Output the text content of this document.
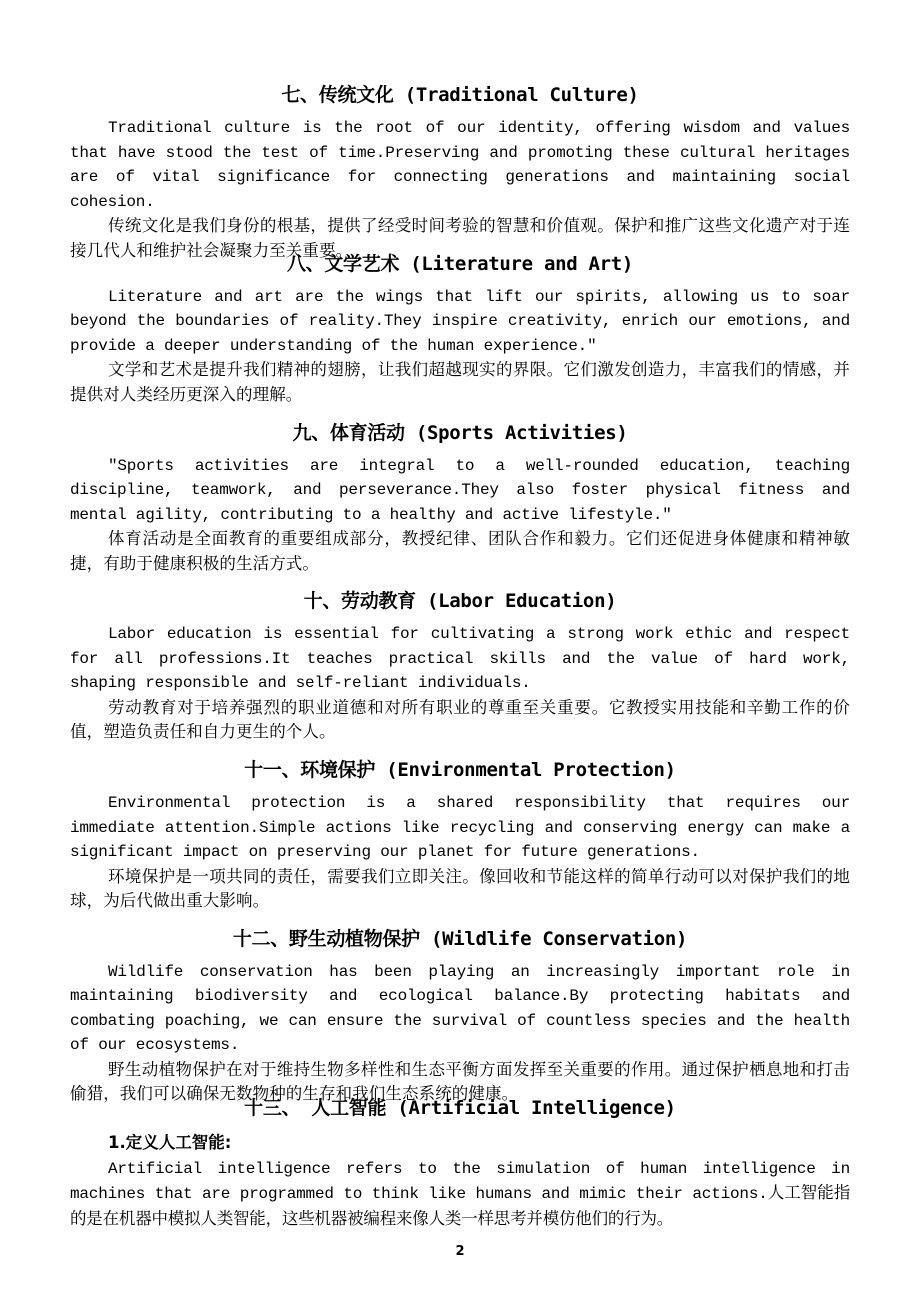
七、传统文化 (Traditional Culture)

Traditional culture is the root of our identity, offering wisdom and values that have stood the test of time.Preserving and promoting these cultural heritages are of vital significance for connecting generations and maintaining social cohesion.

传统文化是我们身份的根基，提供了经受时间考验的智慧和价值观。保护和推广这些文化遗产对于连接几代人和维护社会凝聚力至关重要。

八、文学艺术 (Literature and Art)

Literature and art are the wings that lift our spirits, allowing us to soar beyond the boundaries of reality.They inspire creativity, enrich our emotions, and provide a deeper understanding of the human experience."

文学和艺术是提升我们精神的翅膀，让我们超越现实的界限。它们激发创造力，丰富我们的情感，并提供对人类经历更深入的理解。

九、体育活动 (Sports Activities)

"Sports activities are integral to a well-rounded education, teaching discipline, teamwork, and perseverance.They also foster physical fitness and mental agility, contributing to a healthy and active lifestyle."

体育活动是全面教育的重要组成部分，教授纪律、团队合作和毅力。它们还促进身体健康和精神敏捷，有助于健康积极的生活方式。

十、劳动教育 (Labor Education)

Labor education is essential for cultivating a strong work ethic and respect for all professions.It teaches practical skills and the value of hard work, shaping responsible and self-reliant individuals.

劳动教育对于培养强烈的职业道德和对所有职业的尊重至关重要。它教授实用技能和辛勤工作的价值，塑造负责任和自力更生的个人。

十一、环境保护 (Environmental Protection)

Environmental protection is a shared responsibility that requires our immediate attention.Simple actions like recycling and conserving energy can make a significant impact on preserving our planet for future generations.

环境保护是一项共同的责任，需要我们立即关注。像回收和节能这样的简单行动可以对保护我们的地球，为后代做出重大影响。

十二、野生动植物保护 (Wildlife Conservation)

Wildlife conservation has been playing an increasingly important role in maintaining biodiversity and ecological balance.By protecting habitats and combating poaching, we can ensure the survival of countless species and the health of our ecosystems.

野生动植物保护在对于维持生物多样性和生态平衡方面发挥至关重要的作用。通过保护栖息地和打击偷猎，我们可以确保无数物种的生存和我们生态系统的健康。

十三、 人工智能 (Artificial Intelligence)

1.定义人工智能:

Artificial intelligence refers to the simulation of human intelligence in machines that are programmed to think like humans and mimic their actions.人工智能指的是在机器中模拟人类智能，这些机器被编程来像人类一样思考并模仿他们的行为。

2
